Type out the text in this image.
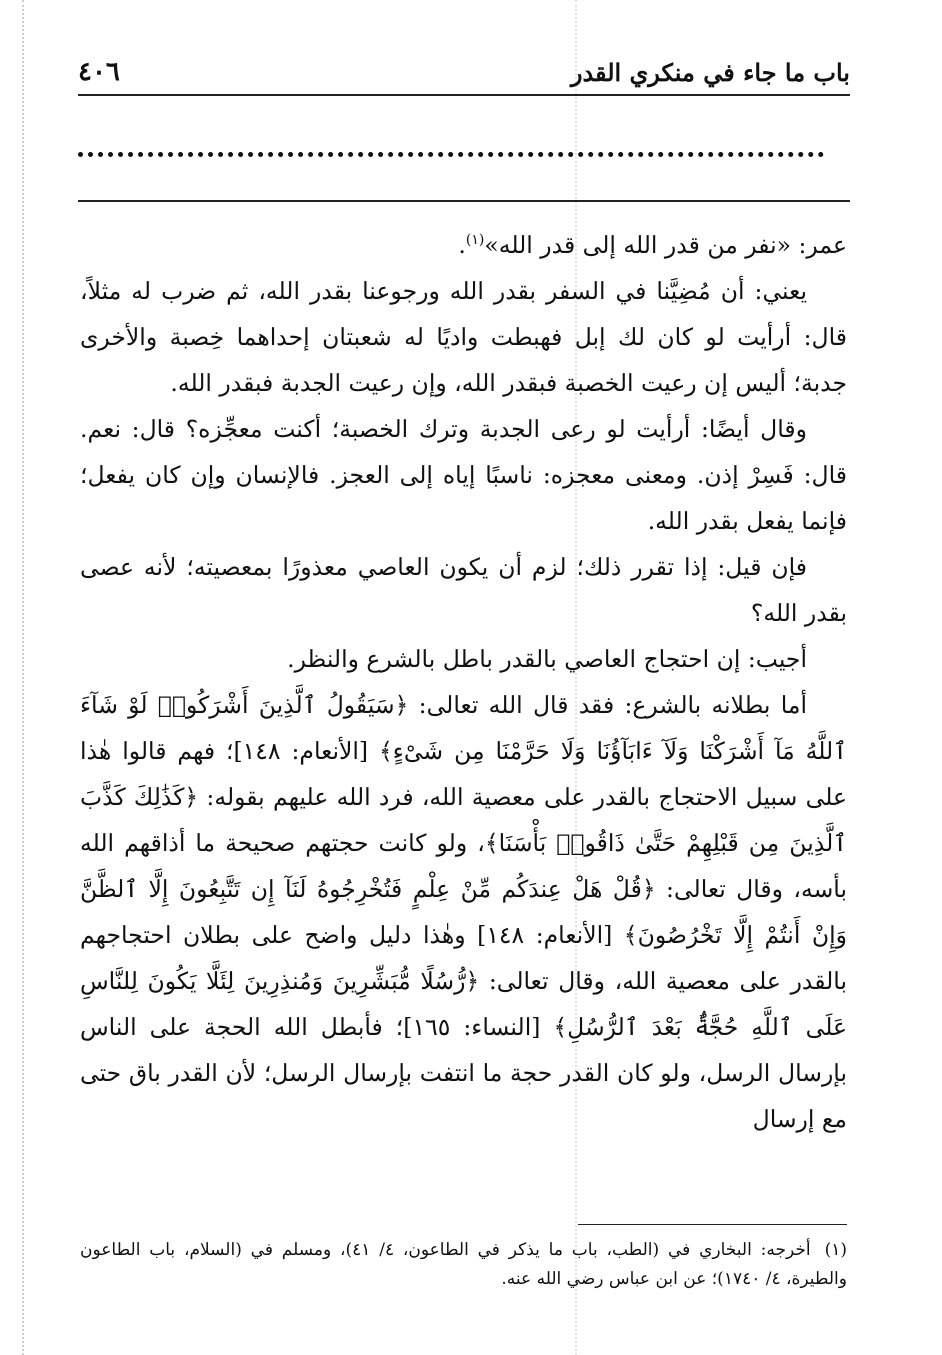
باب ما جاء في منكري القدر
٤٠٦

عمر: «نفر من قدر الله إلى قدر الله»$^{(١)}$.

يعني: أن مُضِيَّنا في السفر بقدر الله ورجوعنا بقدر الله، ثم ضرب له مثلاً، قال: أرأيت لو كان لك إبل فهبطت واديًا له شعبتان إحداهما خِصبة والأخرى جدبة؛ أليس إن رعيت الخصبة فبقدر الله، وإن رعيت الجدبة فبقدر الله.

وقال أيضًا: أرأيت لو رعى الجدبة وترك الخصبة؛ أكنت معجِّزه؟ قال: نعم. قال: فَسِرْ إذن. ومعنى معجزه: ناسبًا إياه إلى العجز. فالإنسان وإن كان يفعل؛ فإنما يفعل بقدر الله.

فإن قيل: إذا تقرر ذلك؛ لزم أن يكون العاصي معذورًا بمعصيته؛ لأنه عصى بقدر الله؟

أجيب: إن احتجاج العاصي بالقدر باطل بالشرع والنظر.

أما بطلانه بالشرع: فقد قال الله تعالى: ﴿سَيَقُولُ ٱلَّذِينَ أَشْرَكُوا۟ لَوْ شَآءَ ٱللَّهُ مَآ أَشْرَكْنَا وَلَآ ءَابَآؤُنَا وَلَا حَرَّمْنَا مِن شَىْءٍ﴾ [الأنعام: ١٤٨]؛ فهم قالوا هٰذا على سبيل الاحتجاج بالقدر على معصية الله، فرد الله عليهم بقوله: ﴿كَذَٰلِكَ كَذَّبَ ٱلَّذِينَ مِن قَبْلِهِمْ حَتَّىٰ ذَاقُوا۟ بَأْسَنَا﴾، ولو كانت حجتهم صحيحة ما أذاقهم الله بأسه، وقال تعالى: ﴿قُلْ هَلْ عِندَكُم مِّنْ عِلْمٍ فَتُخْرِجُوهُ لَنَآ إِن تَتَّبِعُونَ إِلَّا ٱلظَّنَّ وَإِنْ أَنتُمْ إِلَّا تَخْرُصُونَ﴾ [الأنعام: ١٤٨] وهٰذا دليل واضح على بطلان احتجاجهم بالقدر على معصية الله، وقال تعالى: ﴿رُّسُلًا مُّبَشِّرِينَ وَمُنذِرِينَ لِئَلَّا يَكُونَ لِلنَّاسِ عَلَى ٱللَّهِ حُجَّةٌۢ بَعْدَ ٱلرُّسُلِ﴾ [النساء: ١٦٥]؛ فأبطل الله الحجة على الناس بإرسال الرسل، ولو كان القدر حجة ما انتفت بإرسال الرسل؛ لأن القدر باق حتى مع إرسال

(١)أخرجه: البخاري في (الطب، باب ما يذكر في الطاعون، ٤/ ٤١)، ومسلم في (السلام، باب الطاعون والطيرة، ٤/ ١٧٤٠)؛ عن ابن عباس رضي الله عنه.
